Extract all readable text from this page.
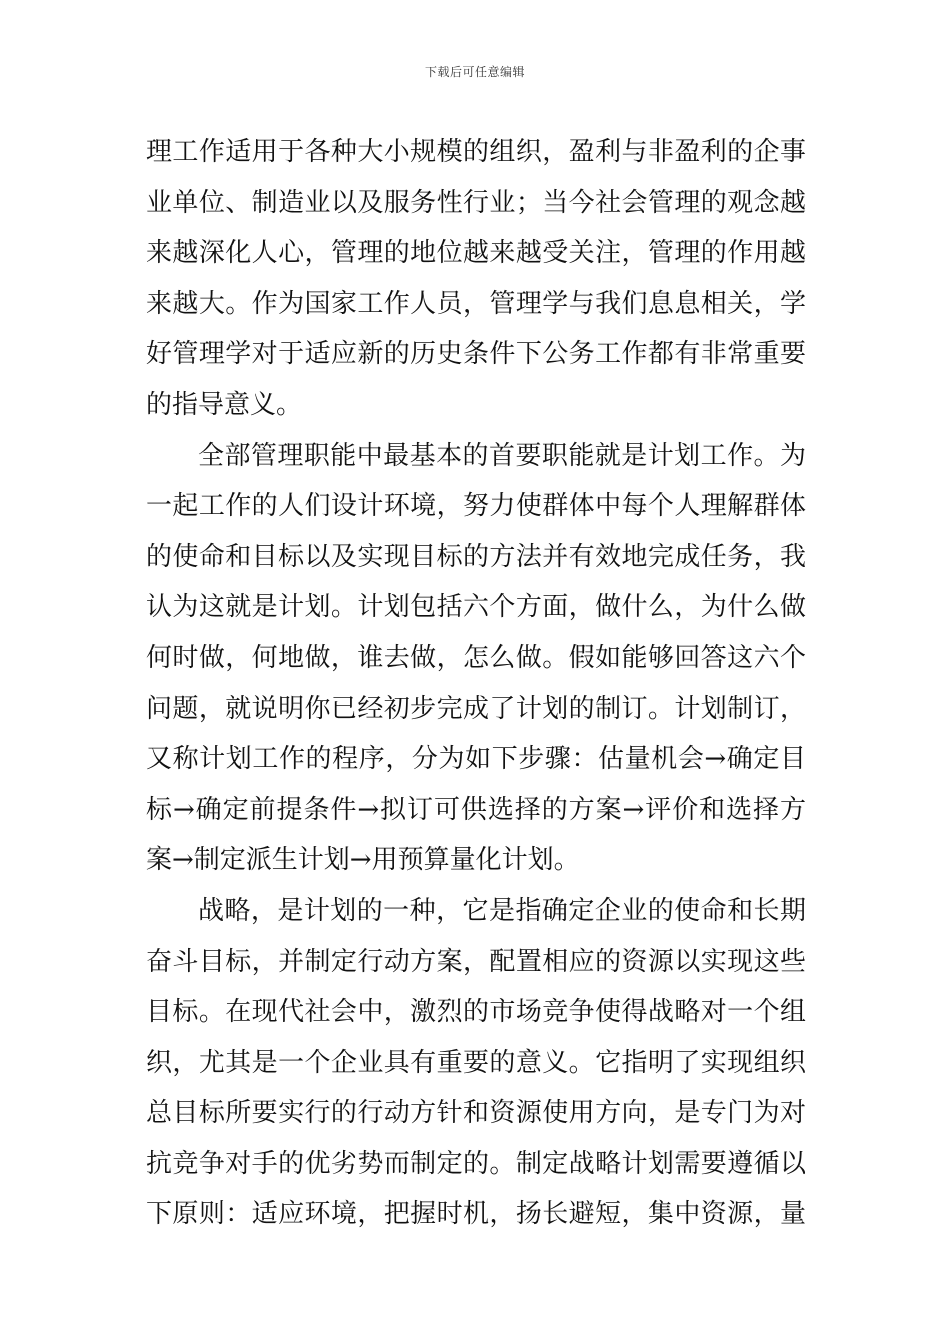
下载后可任意编辑
理工作适用于各种大小规模的组织，盈利与非盈利的企事
业单位、制造业以及服务性行业；当今社会管理的观念越
来越深化人心，管理的地位越来越受关注，管理的作用越
来越大。作为国家工作人员，管理学与我们息息相关，学
好管理学对于适应新的历史条件下公务工作都有非常重要
的指导意义。
全部管理职能中最基本的首要职能就是计划工作。为
一起工作的人们设计环境，努力使群体中每个人理解群体
的使命和目标以及实现目标的方法并有效地完成任务，我
认为这就是计划。计划包括六个方面，做什么，为什么做
何时做，何地做，谁去做，怎么做。假如能够回答这六个
问题，就说明你已经初步完成了计划的制订。计划制订，
又称计划工作的程序，分为如下步骤：估量机会→确定目
标→确定前提条件→拟订可供选择的方案→评价和选择方
案→制定派生计划→用预算量化计划。
战略，是计划的一种，它是指确定企业的使命和长期
奋斗目标，并制定行动方案，配置相应的资源以实现这些
目标。在现代社会中，激烈的市场竞争使得战略对一个组
织，尤其是一个企业具有重要的意义。它指明了实现组织
总目标所要实行的行动方针和资源使用方向，是专门为对
抗竞争对手的优劣势而制定的。制定战略计划需要遵循以
下原则：适应环境，把握时机，扬长避短，集中资源，量
